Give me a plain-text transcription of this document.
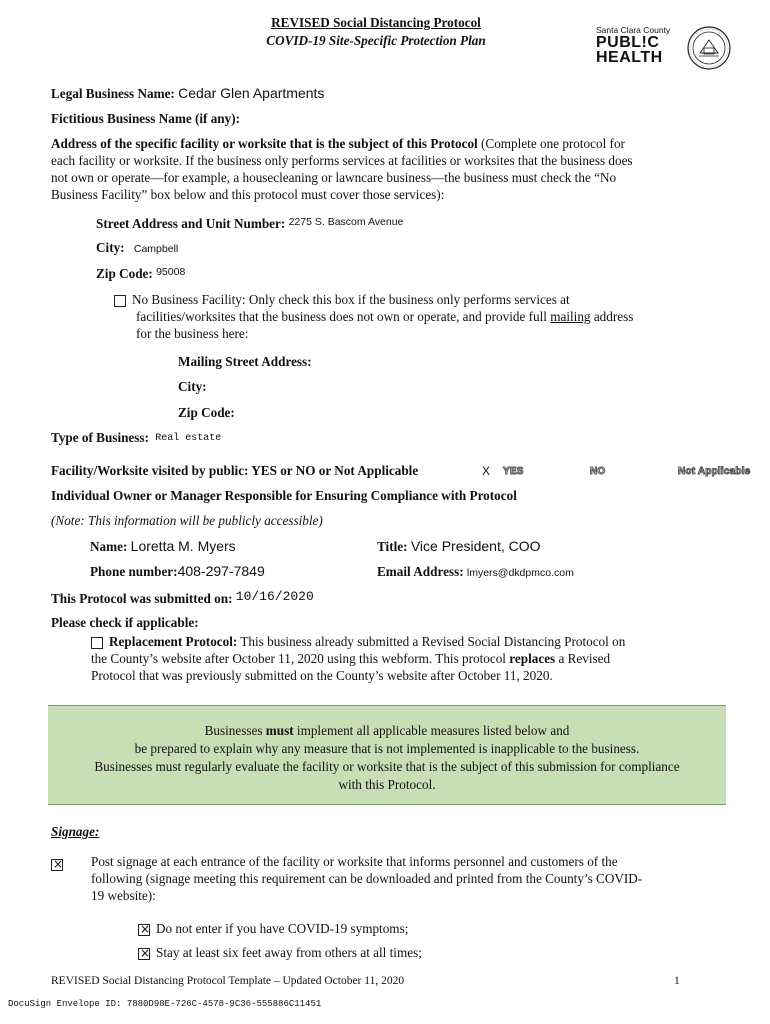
REVISED Social Distancing Protocol
COVID-19 Site-Specific Protection Plan
Santa Clara County
PUBL!C
HEALTH
Legal Business Name: Cedar Glen Apartments
Fictitious Business Name (if any):
Address of the specific facility or worksite that is the subject of this Protocol (Complete one protocol for
each facility or worksite. If the business only performs services at facilities or worksites that the business does
not own or operate—for example, a housecleaning or lawncare business—the business must check the “No
Business Facility” box below and this protocol must cover those services):
Street Address and Unit Number: $^{2275 S. Bascom Avenue}$
City: Campbell
Zip Code: $^{95008}$
No Business Facility: Only check this box if the business only performs services at
facilities/worksites that the business does not own or operate, and provide full mailing address
for the business here:
Mailing Street Address:
City:
Zip Code:
Type of Business: Real estate
Facility/Worksite visited by public: YES or NO or Not Applicable	X YES	NO	Not Applicable
Individual Owner or Manager Responsible for Ensuring Compliance with Protocol
(Note: This information will be publicly accessible)
Name: Loretta M. Myers	Title: Vice President, COO
Phone number:408-297-7849	Email Address: lmyers@dkdpmco.com
This Protocol was submitted on: 10/16/2020
Please check if applicable:
Replacement Protocol: This business already submitted a Revised Social Distancing Protocol on
the County’s website after October 11, 2020 using this webform. This protocol replaces a Revised
Protocol that was previously submitted on the County’s website after October 11, 2020.
Businesses must implement all applicable measures listed below and
be prepared to explain why any measure that is not implemented is inapplicable to the business.
Businesses must regularly evaluate the facility or worksite that is the subject of this submission for compliance
with this Protocol.
Signage:
×
Post signage at each entrance of the facility or worksite that informs personnel and customers of the
following (signage meeting this requirement can be downloaded and printed from the County’s COVID-
19 website):
×Do not enter if you have COVID-19 symptoms;
×Stay at least six feet away from others at all times;
REVISED Social Distancing Protocol Template – Updated October 11, 2020	1
DocuSign Envelope ID: 7880D98E-726C-4578-9C36-555886C11451
